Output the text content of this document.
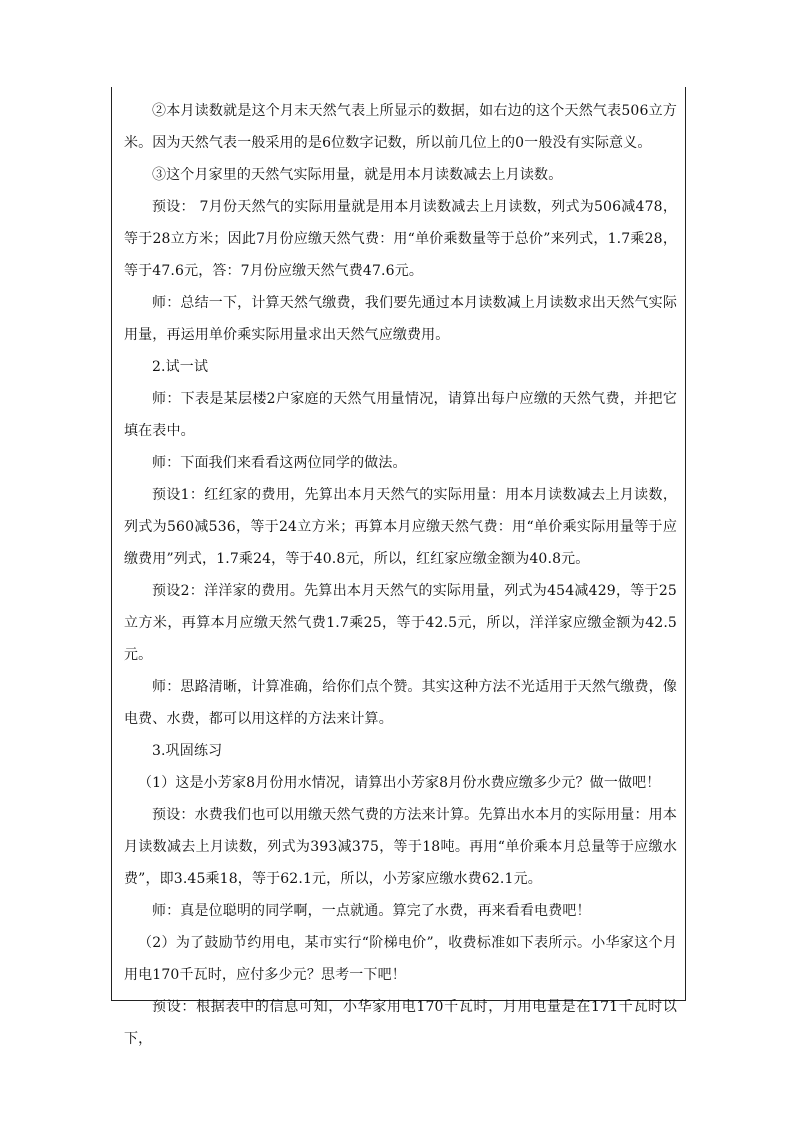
②本月读数就是这个月末天然气表上所显示的数据，如右边的这个天然气表506立方米。因为天然气表一般采用的是6位数字记数，所以前几位上的0一般没有实际意义。

③这个月家里的天然气实际用量，就是用本月读数减去上月读数。

预设： 7月份天然气的实际用量就是用本月读数减去上月读数，列式为506减478，等于28立方米；因此7月份应缴天然气费：用“单价乘数量等于总价”来列式，1.7乘28，等于47.6元，答：7月份应缴天然气费47.6元。

师：总结一下，计算天然气缴费，我们要先通过本月读数减上月读数求出天然气实际用量，再运用单价乘实际用量求出天然气应缴费用。

2.试一试

师：下表是某层楼2户家庭的天然气用量情况，请算出每户应缴的天然气费，并把它填在表中。

师：下面我们来看看这两位同学的做法。

预设1：红红家的费用，先算出本月天然气的实际用量：用本月读数减去上月读数，列式为560减536，等于24立方米；再算本月应缴天然气费：用“单价乘实际用量等于应缴费用”列式，1.7乘24，等于40.8元，所以，红红家应缴金额为40.8元。

预设2：洋洋家的费用。先算出本月天然气的实际用量，列式为454减429，等于25立方米，再算本月应缴天然气费1.7乘25，等于42.5元，所以，洋洋家应缴金额为42.5元。

师：思路清晰，计算准确，给你们点个赞。其实这种方法不光适用于天然气缴费，像电费、水费，都可以用这样的方法来计算。

3.巩固练习

（1）这是小芳家8月份用水情况，请算出小芳家8月份水费应缴多少元？做一做吧！

预设：水费我们也可以用缴天然气费的方法来计算。先算出水本月的实际用量：用本月读数减去上月读数，列式为393减375，等于18吨。再用“单价乘本月总量等于应缴水费”，即3.45乘18，等于62.1元，所以，小芳家应缴水费62.1元。

师：真是位聪明的同学啊，一点就通。算完了水费，再来看看电费吧！

（2）为了鼓励节约用电，某市实行“阶梯电价”，收费标准如下表所示。小华家这个月用电170千瓦时，应付多少元？思考一下吧！

预设：根据表中的信息可知，小华家用电170千瓦时，月用电量是在171千瓦时以下，
